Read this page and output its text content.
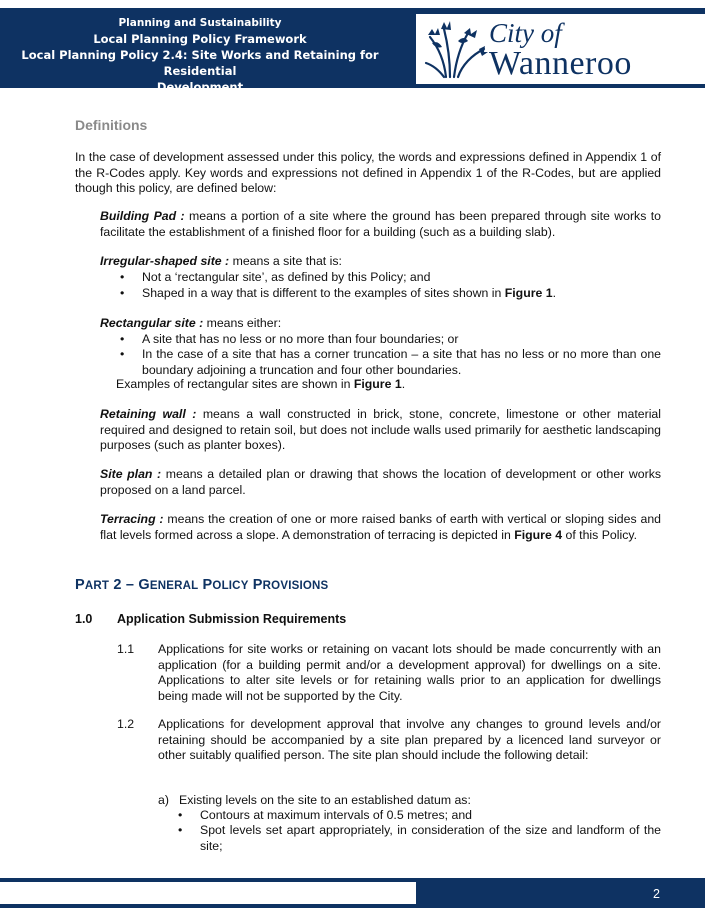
Planning and Sustainability
Local Planning Policy Framework
Local Planning Policy 2.4: Site Works and Retaining for Residential
Development
City of
Wanneroo
Definitions
In the case of development assessed under this policy, the words and expressions defined in Appendix 1 of the R-Codes apply. Key words and expressions not defined in Appendix 1 of the R-Codes, but are applied though this policy, are defined below:
Building Pad : means a portion of a site where the ground has been prepared through site works to facilitate the establishment of a finished floor for a building (such as a building slab).
Irregular-shaped site : means a site that is:
• Not a ‘rectangular site’, as defined by this Policy; and
• Shaped in a way that is different to the examples of sites shown in Figure 1.
Rectangular site : means either:
• A site that has no less or no more than four boundaries; or
• In the case of a site that has a corner truncation – a site that has no less or no more than one boundary adjoining a truncation and four other boundaries.
Examples of rectangular sites are shown in Figure 1.
Retaining wall : means a wall constructed in brick, stone, concrete, limestone or other material required and designed to retain soil, but does not include walls used primarily for aesthetic landscaping purposes (such as planter boxes).
Site plan : means a detailed plan or drawing that shows the location of development or other works proposed on a land parcel.
Terracing : means the creation of one or more raised banks of earth with vertical or sloping sides and flat levels formed across a slope. A demonstration of terracing is depicted in Figure 4 of this Policy.
PART 2 – GENERAL POLICY PROVISIONS
1.0 Application Submission Requirements
1.1 Applications for site works or retaining on vacant lots should be made concurrently with an application (for a building permit and/or a development approval) for dwellings on a site. Applications to alter site levels or for retaining walls prior to an application for dwellings being made will not be supported by the City.
1.2 Applications for development approval that involve any changes to ground levels and/or retaining should be accompanied by a site plan prepared by a licenced land surveyor or other suitably qualified person. The site plan should include the following detail:
a) Existing levels on the site to an established datum as:
• Contours at maximum intervals of 0.5 metres; and
• Spot levels set apart appropriately, in consideration of the size and landform of the site;
2
